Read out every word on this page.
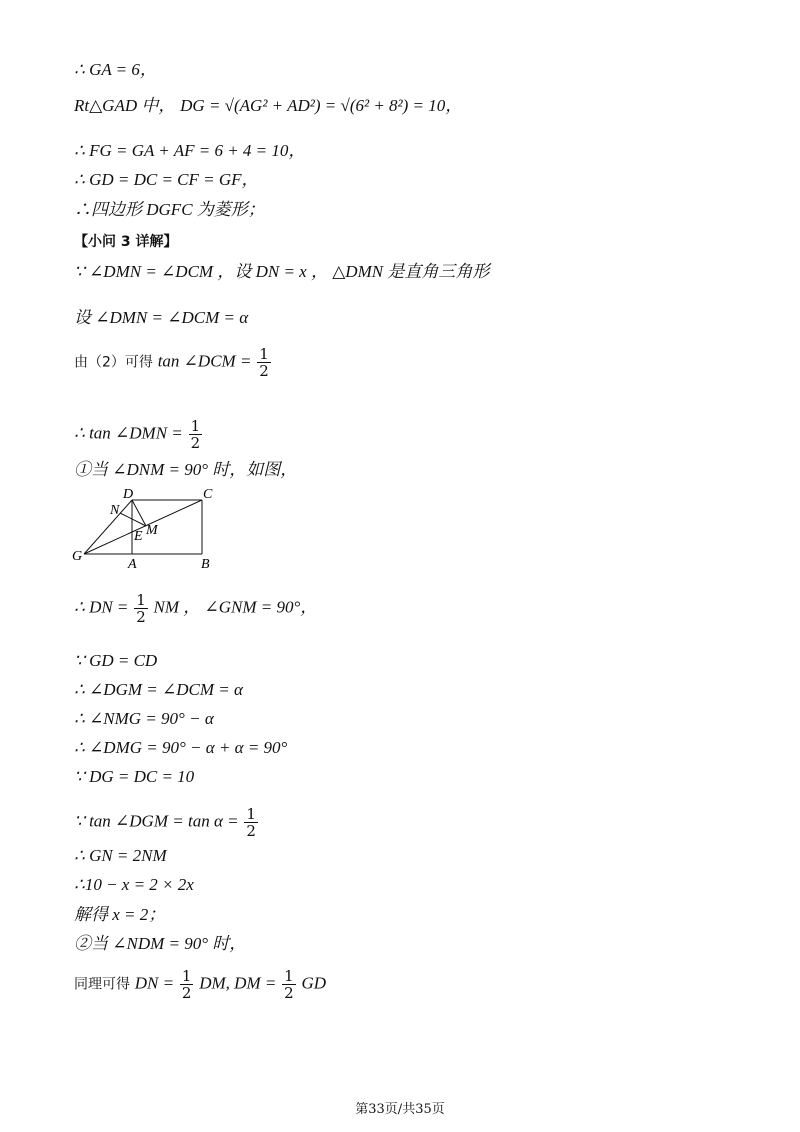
∴ GA = 6，
Rt△GAD 中， DG = √(AG² + AD²) = √(6² + 8²) = 10，
∴ FG = GA + AF = 6 + 4 = 10，
∴ GD = DC = CF = GF，
∴四边形 DGFC 为菱形；
【小问 3 详解】
∵ ∠DMN = ∠DCM ，设 DN = x ， △DMN 是直角三角形
设 ∠DMN = ∠DCM = α
由（2）可得 tan ∠DCM = $\frac{1}{2}$
∴ tan ∠DMN = $\frac{1}{2}$
①当 ∠DNM = 90° 时，如图，
D	C
N
E M
G
A	B
∴ DN = $\frac{1}{2}$ NM ， ∠GNM = 90°，
∵ GD = CD
∴ ∠DGM = ∠DCM = α
∴ ∠NMG = 90° − α
∴ ∠DMG = 90° − α + α = 90°
∵ DG = DC = 10
∵ tan ∠DGM = $\tan \alpha = \frac{1}{2}$
∴ GN = 2NM
∴10 − x = 2 × 2x
解得 x = 2；
②当 ∠NDM = 90° 时，
同理可得 DN = $\frac{1}{2}$ DM, DM = $\frac{1}{2}$ GD
第33页/共35页
